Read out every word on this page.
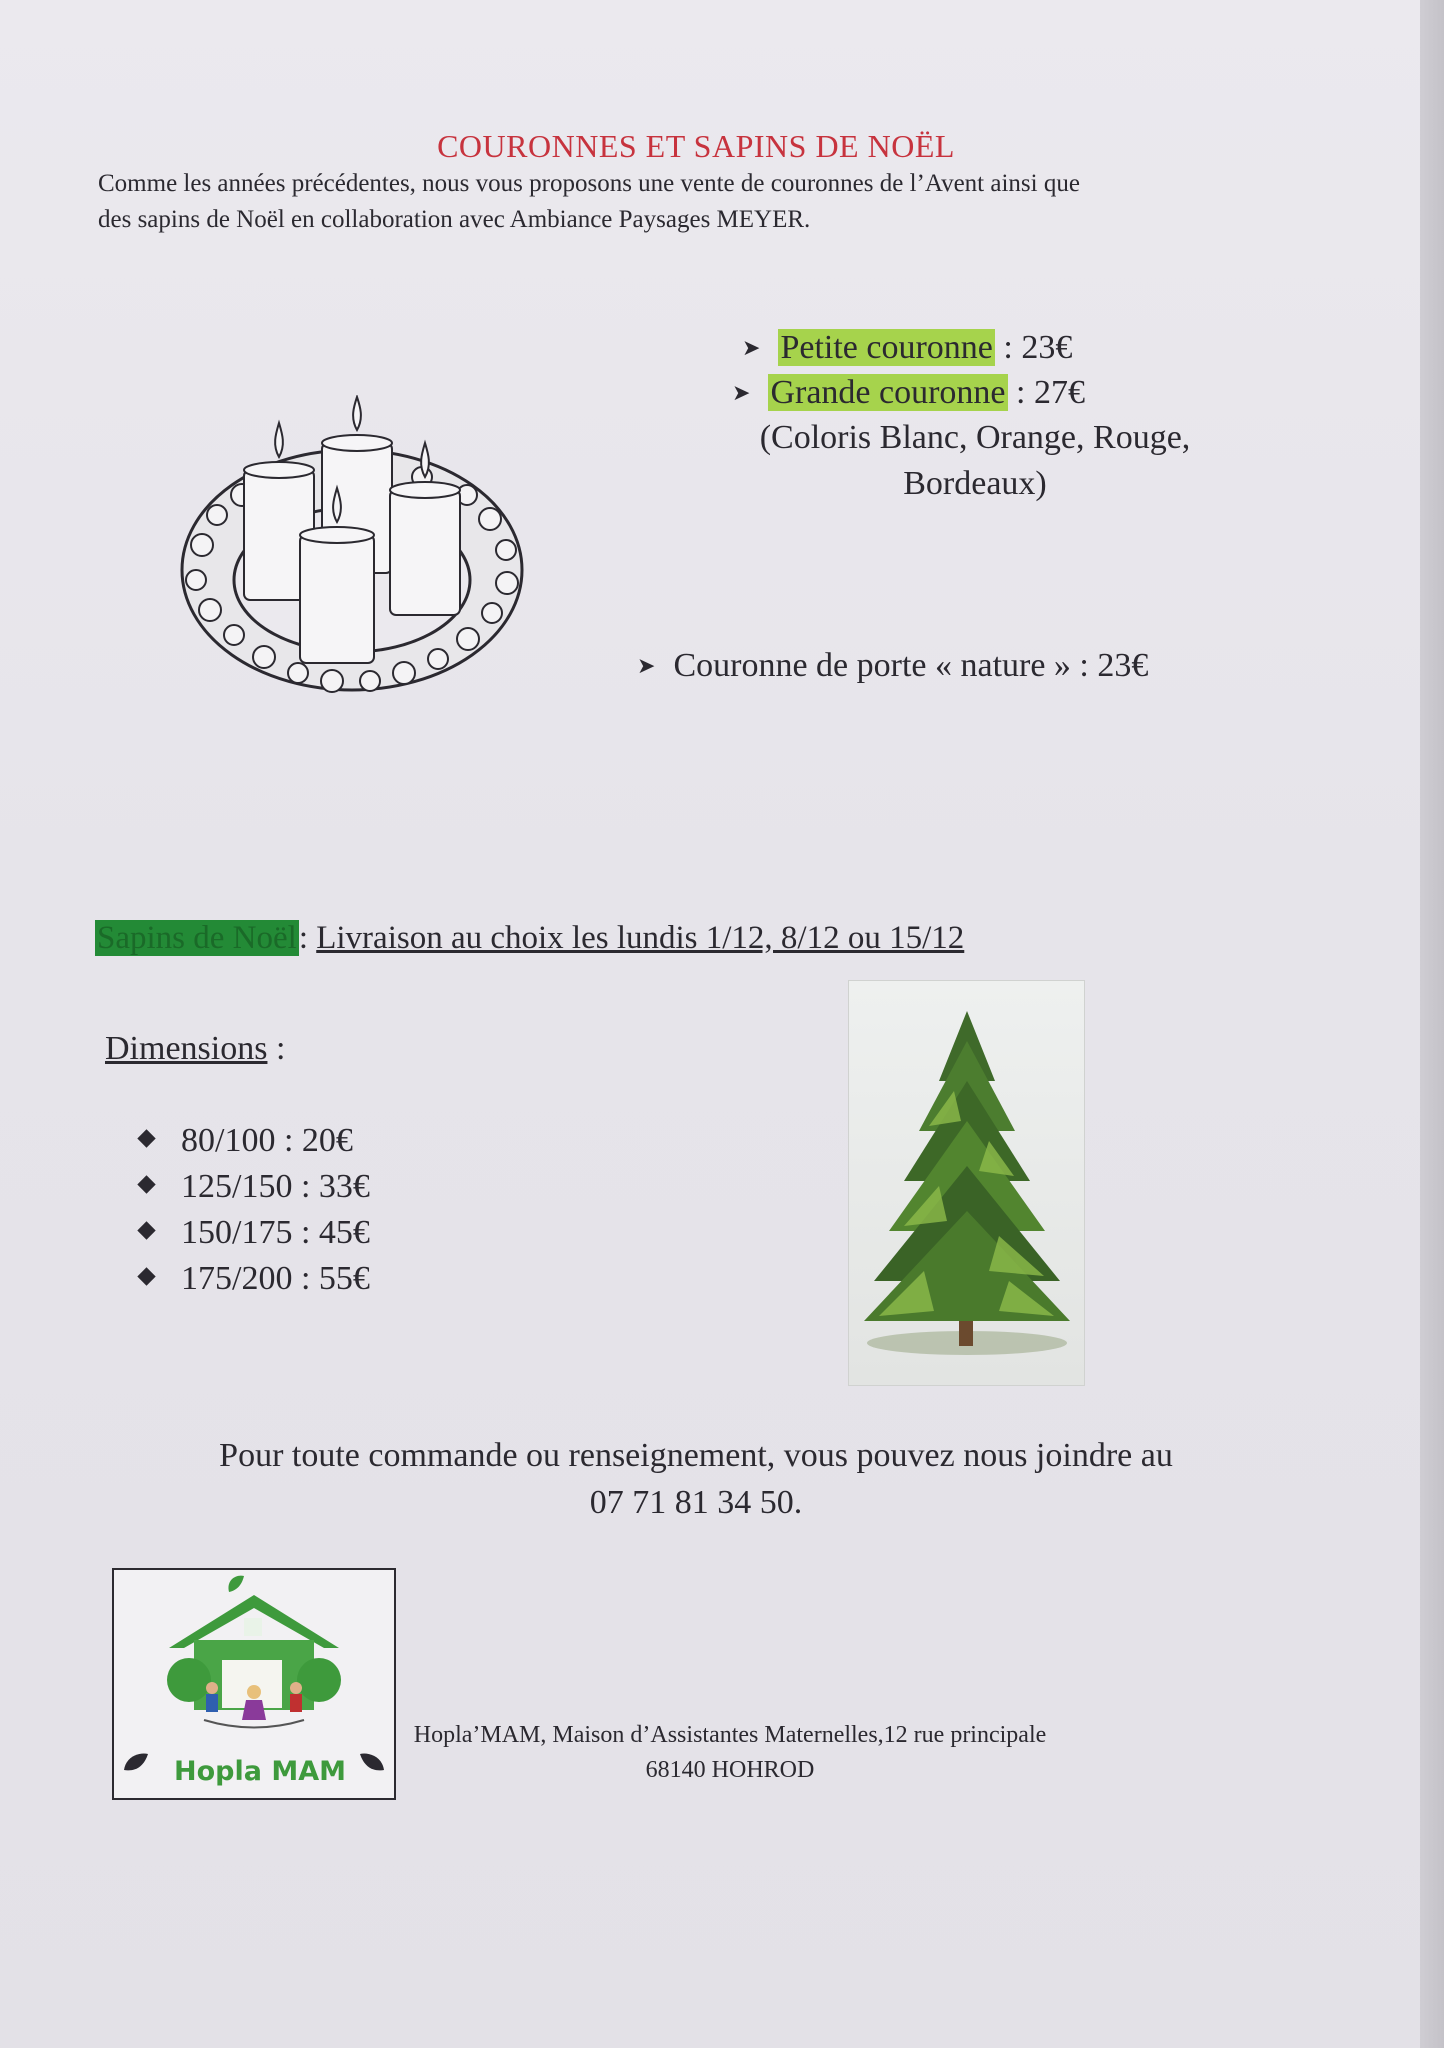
COURONNES ET SAPINS DE NOËL
Comme les années précédentes, nous vous proposons une vente de couronnes de l’Avent ainsi que
des sapins de Noël en collaboration avec Ambiance Paysages MEYER.
➤ Petite couronne : 23€
➤ Grande couronne : 27€
(Coloris Blanc, Orange, Rouge,
Bordeaux)
➤ Couronne de porte « nature » : 23€
Sapins de Noël: Livraison au choix les lundis 1/12, 8/12 ou 15/12
Dimensions :
80/100 : 20€
125/150 : 33€
150/175 : 45€
175/200 : 55€
Pour toute commande ou renseignement, vous pouvez nous joindre au
07 71 81 34 50.
Hopla MAM
Hopla’MAM, Maison d’Assistantes Maternelles,12 rue principale
68140 HOHROD
